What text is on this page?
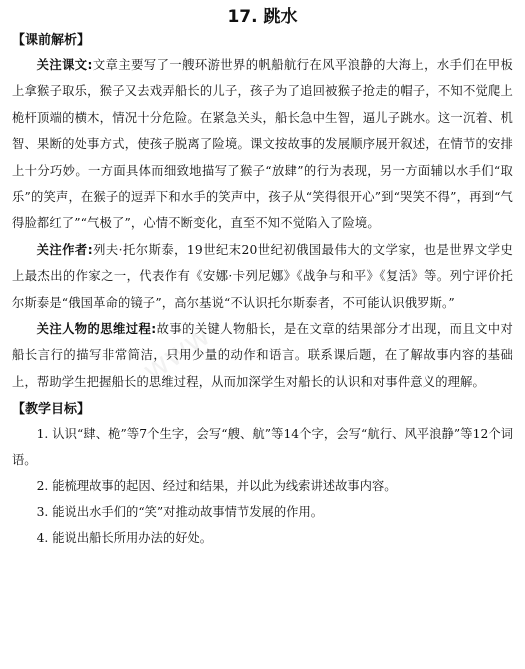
www
17. 跳水
【课前解析】

关注课文:文章主要写了一艘环游世界的帆船航行在风平浪静的大海上，水手们在甲板上拿猴子取乐，猴子又去戏弄船长的儿子，孩子为了追回被猴子抢走的帽子，不知不觉爬上桅杆顶端的横木，情况十分危险。在紧急关头，船长急中生智，逼儿子跳水。这一沉着、机智、果断的处事方式，使孩子脱离了险境。课文按故事的发展顺序展开叙述，在情节的安排上十分巧妙。一方面具体而细致地描写了猴子“放肆”的行为表现，另一方面辅以水手们“取乐”的笑声，在猴子的逗弄下和水手的笑声中，孩子从“笑得很开心”到“哭笑不得”，再到“气得脸都红了”“气极了”，心情不断变化，直至不知不觉陷入了险境。

关注作者:列夫·托尔斯泰，19世纪末20世纪初俄国最伟大的文学家，也是世界文学史上最杰出的作家之一，代表作有《安娜·卡列尼娜》《战争与和平》《复活》等。列宁评价托尔斯泰是“俄国革命的镜子”，高尔基说“不认识托尔斯泰者，不可能认识俄罗斯。”

关注人物的思维过程:故事的关键人物船长，是在文章的结果部分才出现，而且文中对船长言行的描写非常简洁，只用少量的动作和语言。联系课后题，在了解故事内容的基础上，帮助学生把握船长的思维过程，从而加深学生对船长的认识和对事件意义的理解。

【教学目标】

1. 认识“肆、桅”等7个生字，会写“艘、航”等14个字，会写“航行、风平浪静”等12个词语。

2. 能梳理故事的起因、经过和结果，并以此为线索讲述故事内容。

3. 能说出水手们的“笑”对推动故事情节发展的作用。

4. 能说出船长所用办法的好处。
